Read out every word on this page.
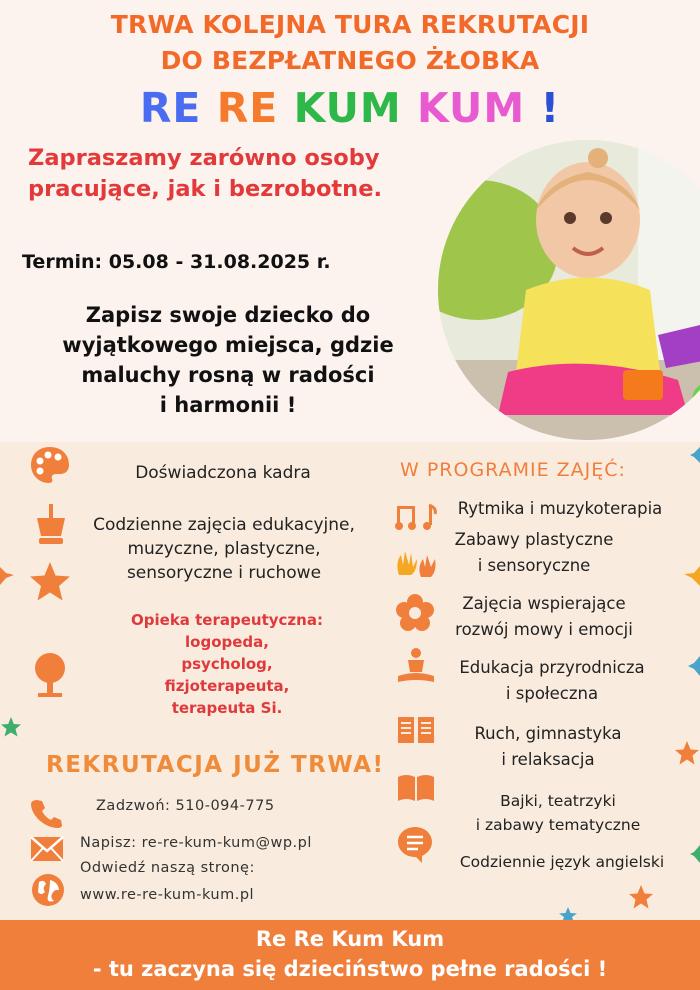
TRWA KOLEJNA TURA REKRUTACJI
DO BEZPŁATNEGO ŻŁOBKA
RE RE KUM KUM !
Zapraszamy zarówno osoby
pracujące, jak i bezrobotne.
Termin: 05.08 - 31.08.2025 r.
Zapisz swoje dziecko do
wyjątkowego miejsca, gdzie
maluchy rosną w radości
i harmonii !
Doświadczona kadra
Codzienne zajęcia edukacyjne,
muzyczne, plastyczne,
sensoryczne i ruchowe
Opieka terapeutyczna:
logopeda,
psycholog,
fizjoterapeuta,
terapeuta Si.
REKRUTACJA JUŻ TRWA!
Zadzwoń: 510-094-775
Napisz: re-re-kum-kum@wp.pl
Odwiedź naszą stronę:
www.re-re-kum-kum.pl
W PROGRAMIE ZAJĘĆ:
Rytmika i muzykoterapia
Zabawy plastyczne
i sensoryczne
Zajęcia wspierające
rozwój mowy i emocji
Edukacja przyrodnicza
i społeczna
Ruch, gimnastyka
i relaksacja
Bajki, teatrzyki
i zabawy tematyczne
Codziennie język angielski
Re Re Kum Kum
- tu zaczyna się dzieciństwo pełne radości !
